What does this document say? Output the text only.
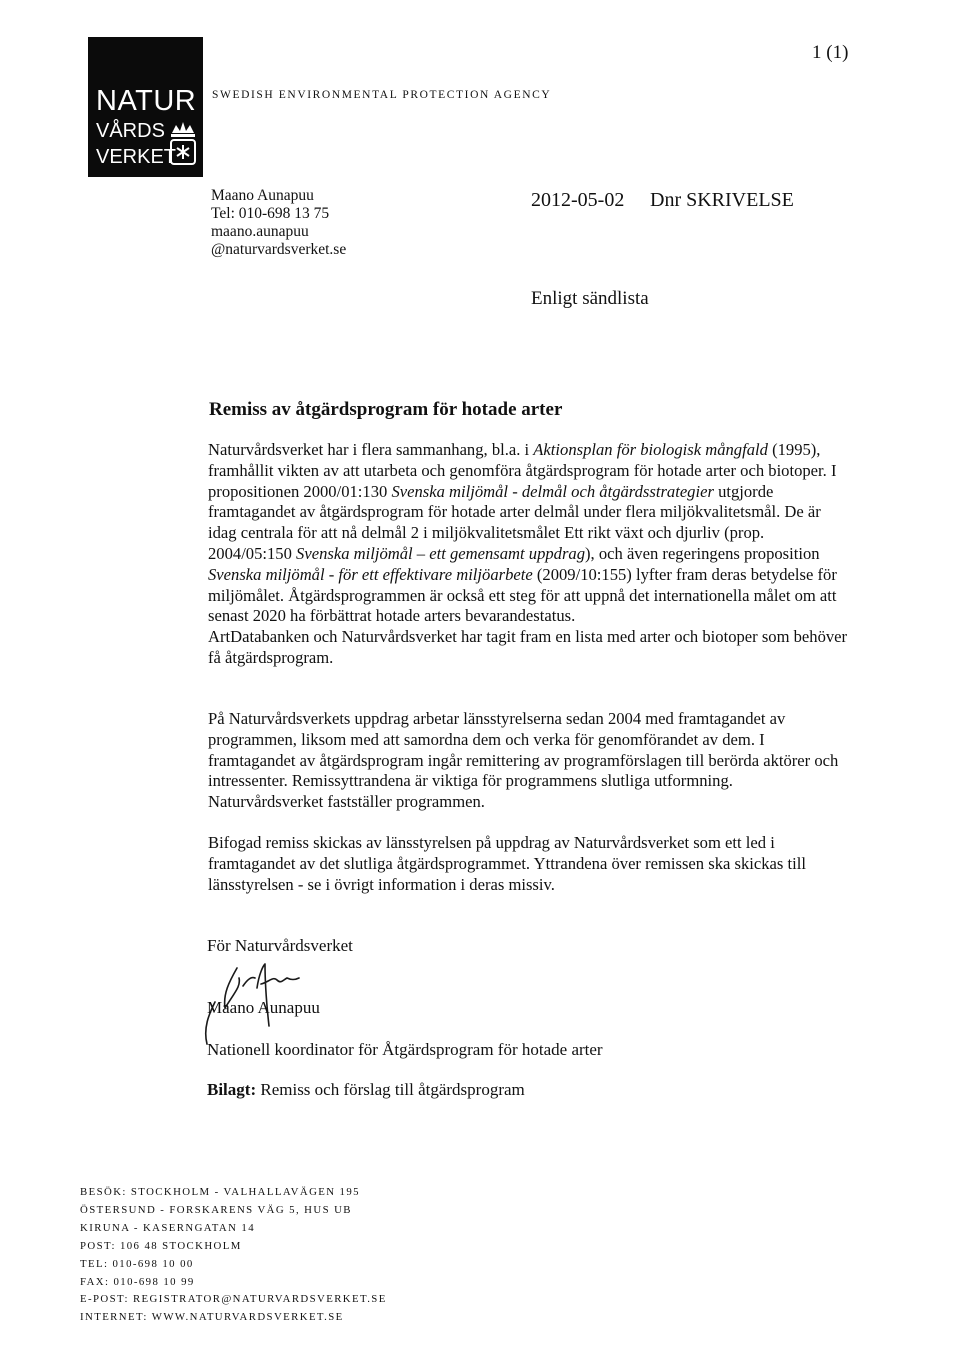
NATUR
VÅRDS
VERKET
SWEDISH ENVIRONMENTAL PROTECTION AGENCY
1 (1)
Maano Aunapuu
Tel: 010-698 13 75
maano.aunapuu
@naturvardsverket.se
2012-05-02 Dnr SKRIVELSE
Enligt sändlista
Remiss av åtgärdsprogram för hotade arter

Naturvårdsverket har i flera sammanhang, bl.a. i Aktionsplan för biologisk mångfald (1995), framhållit vikten av att utarbeta och genomföra åtgärdsprogram för hotade arter och biotoper. I propositionen 2000/01:130 Svenska miljömål - delmål och åtgärdsstrategier utgjorde framtagandet av åtgärdsprogram för hotade arter delmål under flera miljökvalitetsmål. De är idag centrala för att nå delmål 2 i miljökvalitetsmålet Ett rikt växt och djurliv (prop. 2004/05:150 Svenska miljömål – ett gemensamt uppdrag), och även regeringens proposition Svenska miljömål - för ett effektivare miljöarbete (2009/10:155) lyfter fram deras betydelse för miljömålet. Åtgärdsprogrammen är också ett steg för att uppnå det internationella målet om att senast 2020 ha förbättrat hotade arters bevarandestatus.

ArtDatabanken och Naturvårdsverket har tagit fram en lista med arter och biotoper som behöver få åtgärdsprogram.

På Naturvårdsverkets uppdrag arbetar länsstyrelserna sedan 2004 med framtagandet av programmen, liksom med att samordna dem och verka för genomförandet av dem. I framtagandet av åtgärdsprogram ingår remittering av programförslagen till berörda aktörer och intressenter. Remissyttrandena är viktiga för programmens slutliga utformning. Naturvårdsverket fastställer programmen.

Bifogad remiss skickas av länsstyrelsen på uppdrag av Naturvårdsverket som ett led i framtagandet av det slutliga åtgärdsprogrammet. Yttrandena över remissen ska skickas till länsstyrelsen - se i övrigt information i deras missiv.

För Naturvårdsverket
Maano Aunapuu
Nationell koordinator för Åtgärdsprogram för hotade arter
Bilagt: Remiss och förslag till åtgärdsprogram
BESÖK: STOCKHOLM - VALHALLAVÄGEN 195
ÖSTERSUND - FORSKARENS VÄG 5, HUS UB
KIRUNA - KASERNGATAN 14
POST: 106 48 STOCKHOLM
TEL: 010-698 10 00
FAX: 010-698 10 99
E-POST: REGISTRATOR@NATURVARDSVERKET.SE
INTERNET: WWW.NATURVARDSVERKET.SE
